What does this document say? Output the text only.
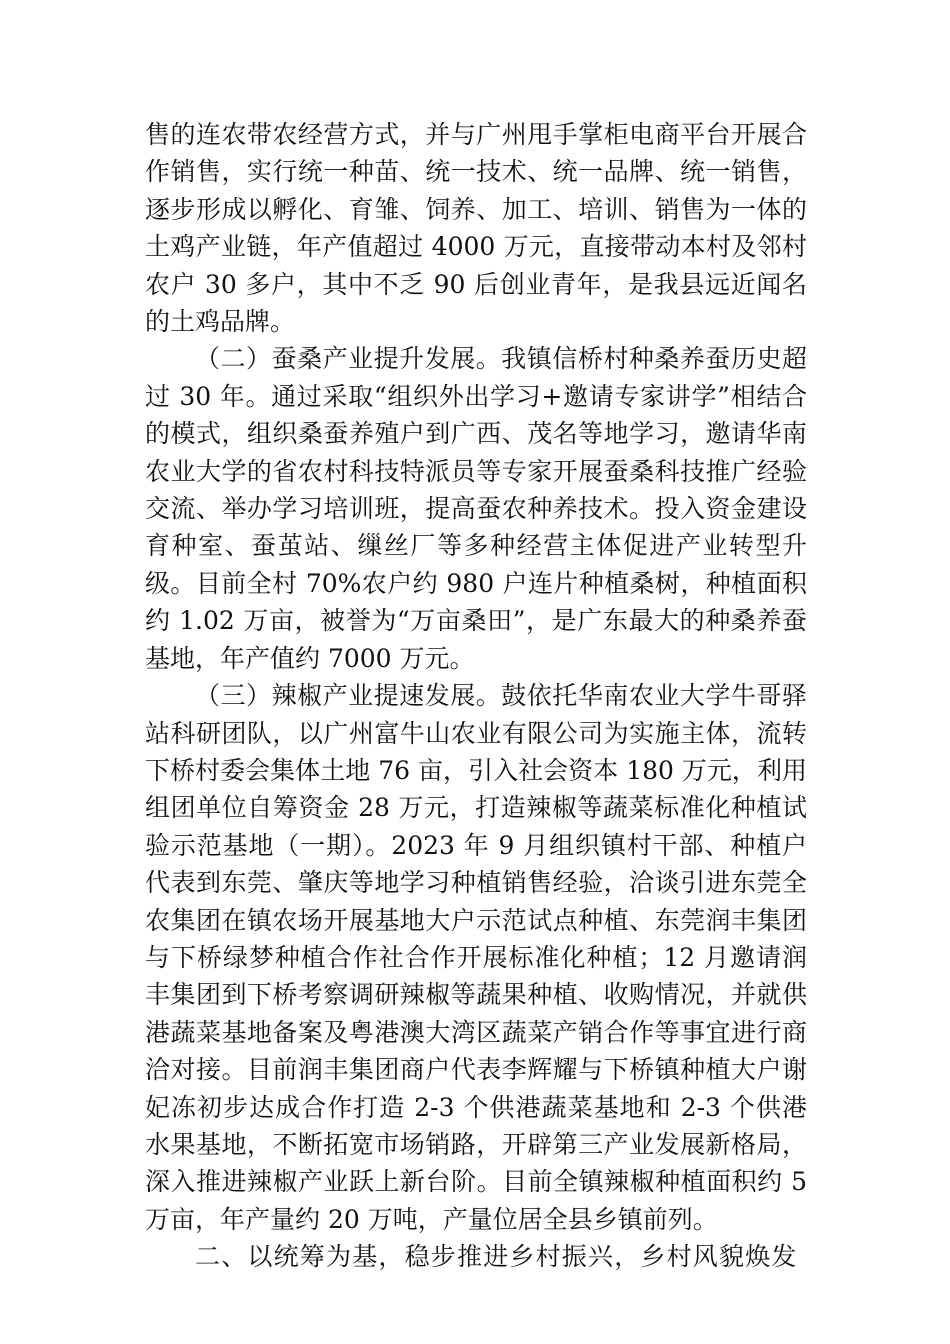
售的连农带农经营方式，并与广州甩手掌柜电商平台开展合作销售，实行统一种苗、统一技术、统一品牌、统一销售，逐步形成以孵化、育雏、饲养、加工、培训、销售为一体的土鸡产业链，年产值超过 4000 万元，直接带动本村及邻村农户 30 多户，其中不乏 90 后创业青年，是我县远近闻名的土鸡品牌。

（二）蚕桑产业提升发展。我镇信桥村种桑养蚕历史超过 30 年。通过采取“组织外出学习+邀请专家讲学”相结合的模式，组织桑蚕养殖户到广西、茂名等地学习，邀请华南农业大学的省农村科技特派员等专家开展蚕桑科技推广经验交流、举办学习培训班，提高蚕农种养技术。投入资金建设育种室、蚕茧站、缫丝厂等多种经营主体促进产业转型升级。目前全村 70%农户约 980 户连片种植桑树，种植面积约 1.02 万亩，被誉为“万亩桑田”，是广东最大的种桑养蚕基地，年产值约 7000 万元。

（三）辣椒产业提速发展。鼓依托华南农业大学牛哥驿站科研团队，以广州富牛山农业有限公司为实施主体，流转下桥村委会集体土地 76 亩，引入社会资本 180 万元，利用组团单位自筹资金 28 万元，打造辣椒等蔬菜标准化种植试验示范基地（一期）。2023 年 9 月组织镇村干部、种植户代表到东莞、肇庆等地学习种植销售经验，洽谈引进东莞全农集团在镇农场开展基地大户示范试点种植、东莞润丰集团与下桥绿梦种植合作社合作开展标准化种植；12 月邀请润丰集团到下桥考察调研辣椒等蔬果种植、收购情况，并就供港蔬菜基地备案及粤港澳大湾区蔬菜产销合作等事宜进行商洽对接。目前润丰集团商户代表李辉耀与下桥镇种植大户谢妃冻初步达成合作打造 2-3 个供港蔬菜基地和 2-3 个供港水果基地，不断拓宽市场销路，开辟第三产业发展新格局，深入推进辣椒产业跃上新台阶。目前全镇辣椒种植面积约 5 万亩，年产量约 20 万吨，产量位居全县乡镇前列。

二、以统筹为基，稳步推进乡村振兴，乡村风貌焕发
